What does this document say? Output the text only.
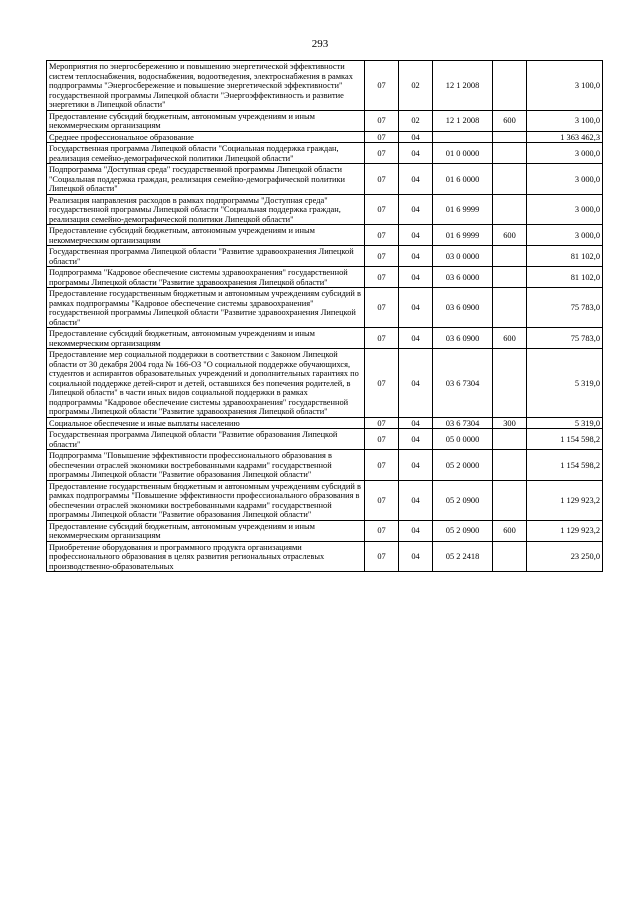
293
Мероприятия по энергосбережению и повышению энергетической эффективности систем теплоснабжения, водоснабжения, водоотведения, электроснабжения в рамках подпрограммы "Энергосбережение и повышение энергетической эффективности" государственной программы Липецкой области "Энергоэффективность и развитие энергетики в Липецкой области"	07	02	12 1 2008		3 100,0
Предоставление субсидий бюджетным, автономным учреждениям и иным некоммерческим организациям	07	02	12 1 2008	600	3 100,0
Среднее профессиональное образование	07	04			1 363 462,3
Государственная программа Липецкой области "Социальная поддержка граждан, реализация семейно-демографической политики Липецкой области"	07	04	01 0 0000		3 000,0
Подпрограмма "Доступная среда" государственной программы Липецкой области "Социальная поддержка граждан, реализация семейно-демографической политики Липецкой области"	07	04	01 6 0000		3 000,0
Реализация направления расходов в рамках подпрограммы "Доступная среда" государственной программы Липецкой области "Социальная поддержка граждан, реализация семейно-демографической политики Липецкой области"	07	04	01 6 9999		3 000,0
Предоставление субсидий бюджетным, автономным учреждениям и иным некоммерческим организациям	07	04	01 6 9999	600	3 000,0
Государственная программа Липецкой области "Развитие здравоохранения Липецкой области"	07	04	03 0 0000		81 102,0
Подпрограмма "Кадровое обеспечение системы здравоохранения" государственной программы Липецкой области "Развитие здравоохранения Липецкой области"	07	04	03 6 0000		81 102,0
Предоставление государственным бюджетным и автономным учреждениям субсидий в рамках подпрограммы "Кадровое обеспечение системы здравоохранения" государственной программы Липецкой области "Развитие здравоохранения Липецкой области"	07	04	03 6 0900		75 783,0
Предоставление субсидий бюджетным, автономным учреждениям и иным некоммерческим организациям	07	04	03 6 0900	600	75 783,0
Предоставление мер социальной поддержки в соответствии с Законом Липецкой области от 30 декабря 2004 года № 166-ОЗ "О социальной поддержке обучающихся, студентов и аспирантов образовательных учреждений и дополнительных гарантиях по социальной поддержке детей-сирот и детей, оставшихся без попечения родителей, в Липецкой области" в части иных видов социальной поддержки в рамках подпрограммы "Кадровое обеспечение системы здравоохранения" государственной программы Липецкой области "Развитие здравоохранения Липецкой области"	07	04	03 6 7304		5 319,0
Социальное обеспечение и иные выплаты населению	07	04	03 6 7304	300	5 319,0
Государственная программа Липецкой области "Развитие образования Липецкой области"	07	04	05 0 0000		1 154 598,2
Подпрограмма "Повышение эффективности профессионального образования в обеспечении отраслей экономики востребованными кадрами" государственной программы Липецкой области "Развитие образования Липецкой области"	07	04	05 2 0000		1 154 598,2
Предоставление государственным бюджетным и автономным учреждениям субсидий в рамках подпрограммы "Повышение эффективности профессионального образования в обеспечении отраслей экономики востребованными кадрами" государственной программы Липецкой области "Развитие образования Липецкой области"	07	04	05 2 0900		1 129 923,2
Предоставление субсидий бюджетным, автономным учреждениям и иным некоммерческим организациям	07	04	05 2 0900	600	1 129 923,2
Приобретение оборудования и программного продукта организациями профессионального образования в целях развития региональных отраслевых производственно-образовательных	07	04	05 2 2418		23 250,0
